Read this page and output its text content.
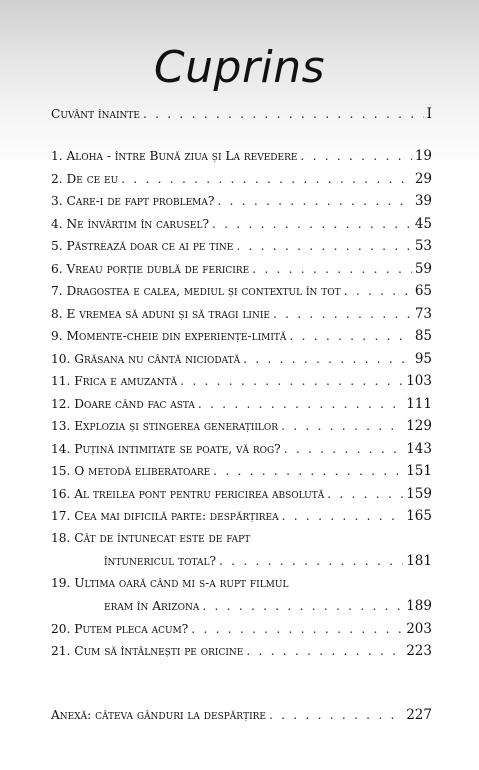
Cuprins
Cuvânt înainte . . .	I
1. Aloha - între Bună ziua și La revedere . . .	19
2. De ce eu . . .	29
3. Care-i de fapt problema? . . .	39
4. Ne învârtim în carusel? . . .	45
5. Păstrează doar ce ai pe tine . . .	53
6. Vreau porție dublă de fericire . . .	59
7. Dragostea e calea, mediul și contextul în tot . . .	65
8. E vremea să aduni și să tragi linie . . .	73
9. Momente-cheie din experiențe-limită . . .	85
10. Grăsana nu cântă niciodată . . .	95
11. Frica e amuzantă . . .	103
12. Doare când fac asta . . .	111
13. Explozia și stingerea generațiilor . . .	129
14. Puțină intimitate se poate, vă rog? . . .	143
15. O metodă eliberatoare . . .	151
16. Al treilea pont pentru fericirea absolută . . .	159
17. Cea mai dificilă parte: despărțirea . . .	165
18. Cât de întunecat este de fapt
întunericul total? . . .	181
19. Ultima oară când mi s-a rupt filmul
eram în Arizona . . .	189
20. Putem pleca acum? . . .	203
21. Cum să întâlnești pe oricine . . .	223
Anexă: câteva gânduri la despărțire . . .	227
